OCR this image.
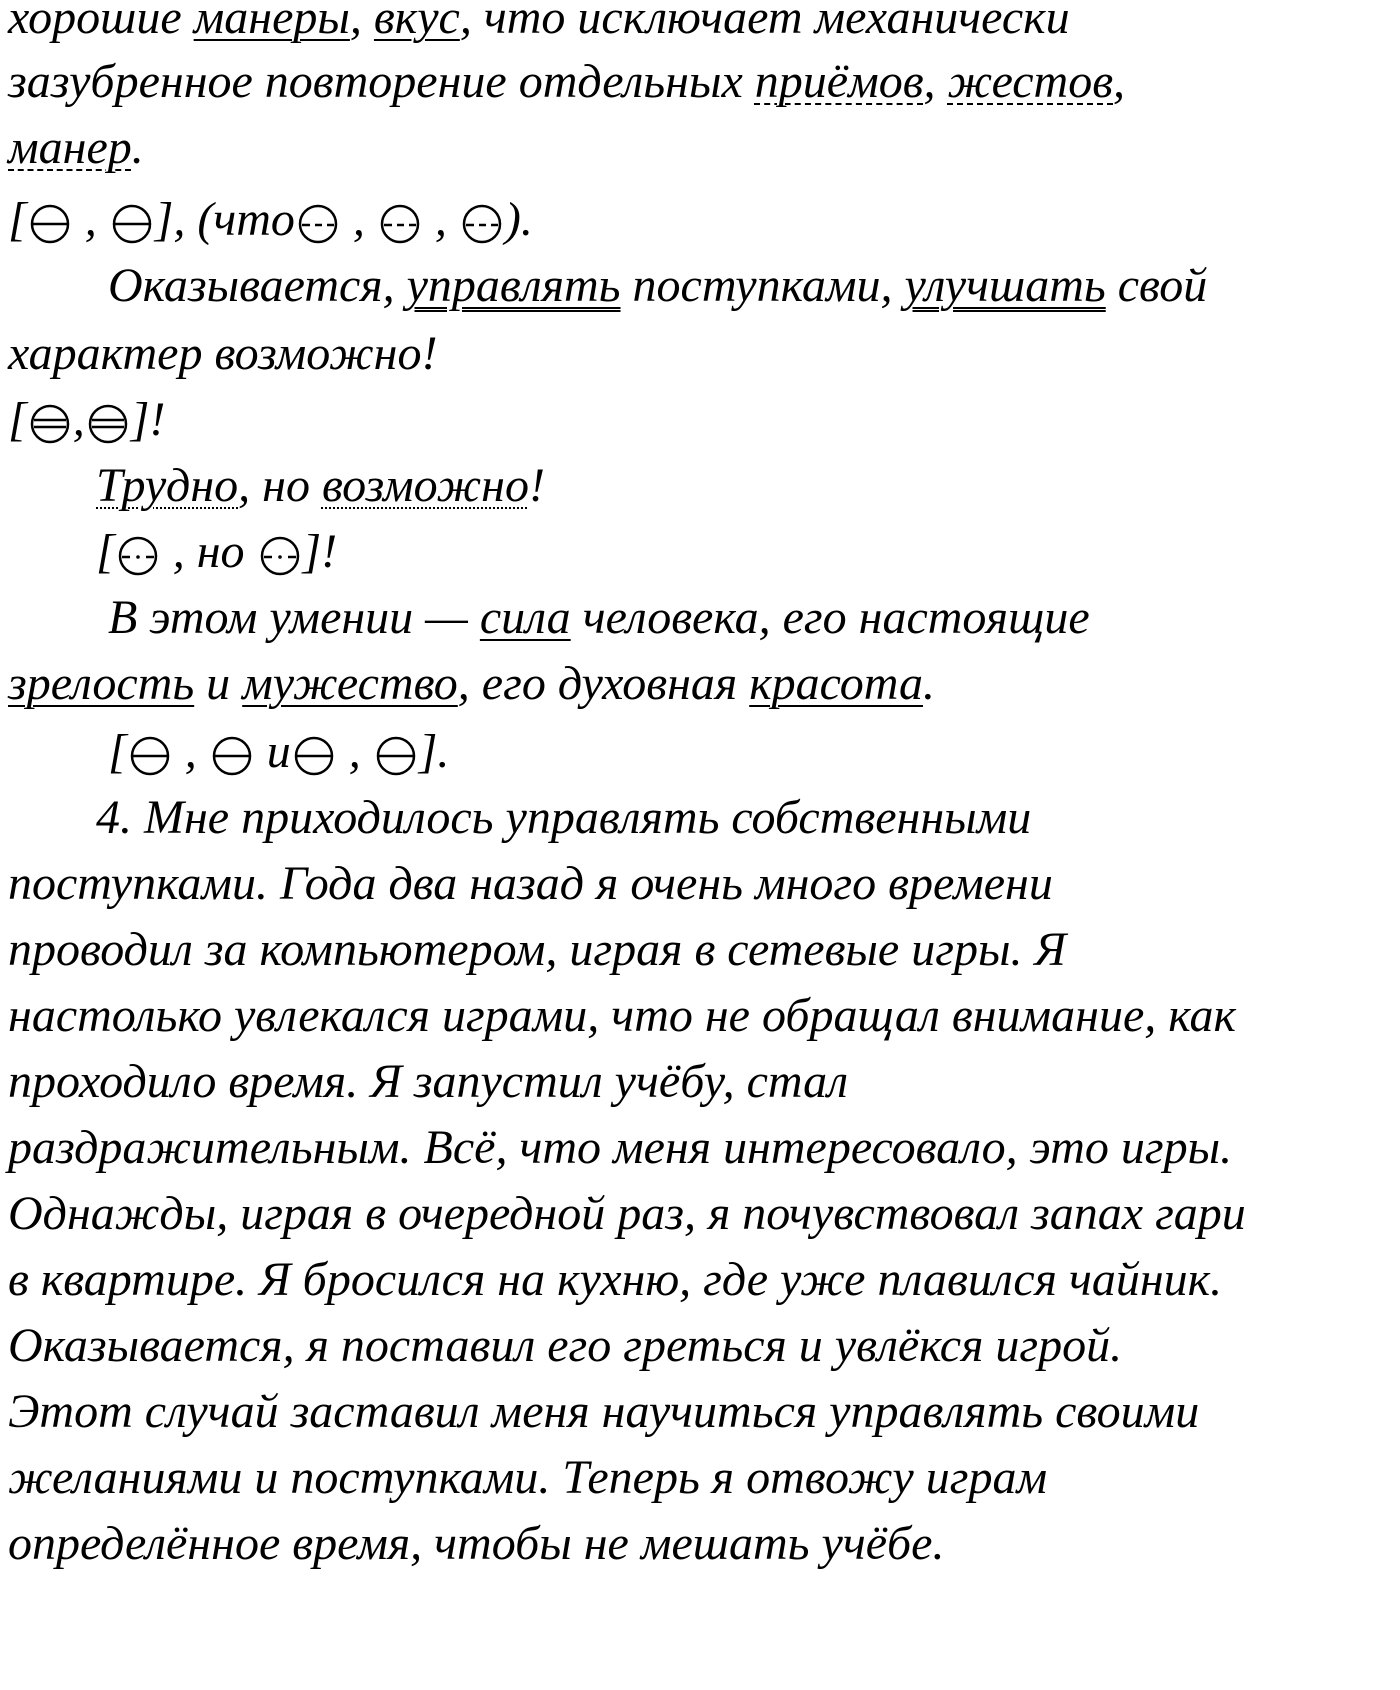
хорошие манеры, вкус, что исключает механически
зазубренное повторение отдельных приёмов, жестов,
манер.
[
,
], (что
,
,
).
Оказывается, управлять поступками, улучшать свой
характер возможно!
[ , ]!
Трудно, но возможно!
[
, но
]!
В этом умении — сила человека, его настоящие
зрелость и мужество, его духовная красота.
[
,
и
,
].
4. Мне приходилось управлять собственными
поступками. Года два назад я очень много времени
проводил за компьютером, играя в сетевые игры. Я
настолько увлекался играми, что не обращал внимание, как
проходило время. Я запустил учёбу, стал
раздражительным. Всё, что меня интересовало, это игры.
Однажды, играя в очередной раз, я почувствовал запах гари
в квартире. Я бросился на кухню, где уже плавился чайник.
Оказывается, я поставил его греться и увлёкся игрой.
Этот случай заставил меня научиться управлять своими
желаниями и поступками. Теперь я отвожу играм
определённое время, чтобы не мешать учёбе.
